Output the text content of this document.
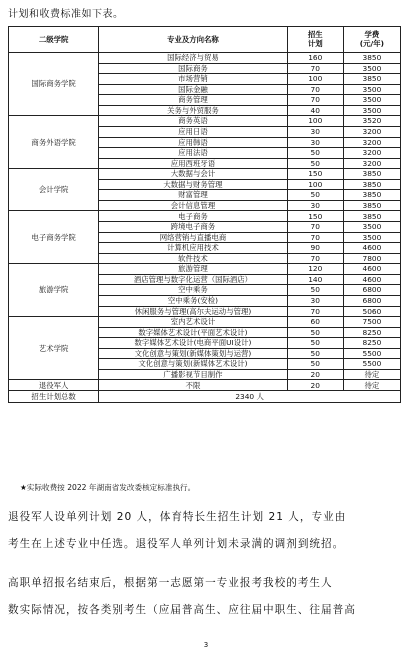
计划和收费标准如下表。
二级学院	专业及方向名称	招生
计划	学费
(元/年)

国际商务学院	国际经济与贸易	160	3850
	国际商务	70	3500
	市场营销	100	3850
	国际金融	70	3500
	商务管理	70	3500
	关务与外贸服务	40	3500
商务外语学院	商务英语	100	3520
	应用日语	30	3200
	应用韩语	30	3200
	应用法语	50	3200
	应用西班牙语	50	3200
会计学院	大数据与会计	150	3850
	大数据与财务管理	100	3850
	财富管理	50	3850
	会计信息管理	30	3850
电子商务学院	电子商务	150	3850
	跨境电子商务	70	3500
	网络营销与直播电商	70	3500
	计算机应用技术	90	4600
	软件技术	70	7800
旅游学院	旅游管理	120	4600
	酒店管理与数字化运营（国际酒店）	140	4600
	空中乘务	50	6800
	空中乘务(安检)	30	6800
	休闲服务与管理(高尔夫运动与管理)	70	5060
艺术学院	室内艺术设计	60	7500
	数字媒体艺术设计(平面艺术设计)	50	8250
	数字媒体艺术设计(电商平面UI设计)	50	8250
	文化创意与策划(新媒体策划与运营)	50	5500
	文化创意与策划(新媒体艺术设计)	50	5500
	广播影视节目制作	20	待定
退役军人	不限	20	待定
招生计划总数	2340 人		
★实际收费按 2022 年湖南省发改委核定标准执行。
退役军人设单列计划 20 人，体育特长生招生计划 21 人，专业由
考生在上述专业中任选。退役军人单列计划未录满的调剂到统招。
高职单招报名结束后，根据第一志愿第一专业报考我校的考生人
数实际情况，按各类别考生（应届普高生、应往届中职生、往届普高
3
